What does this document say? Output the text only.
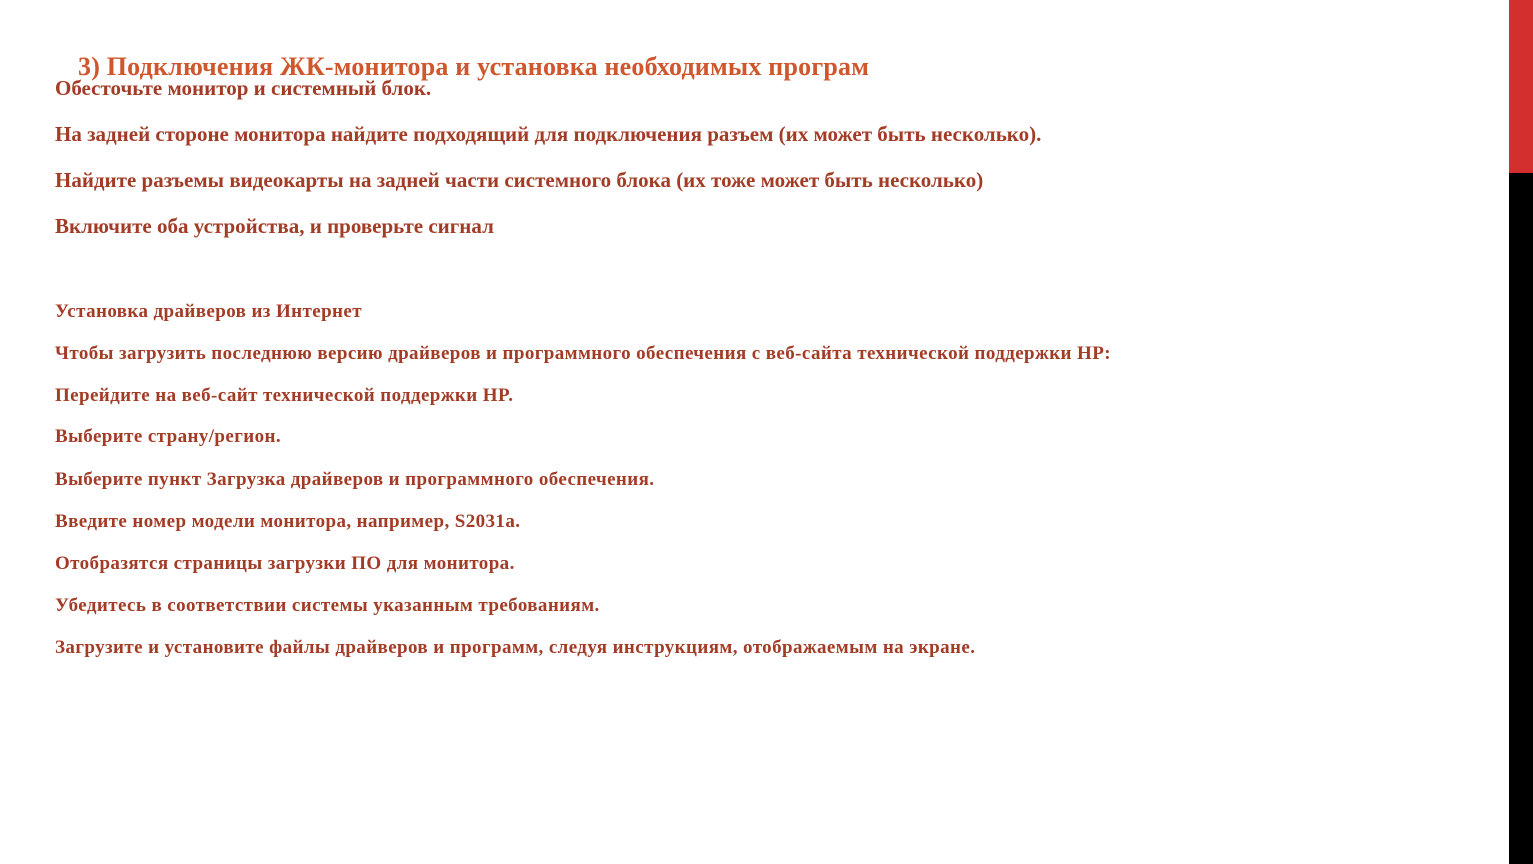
3) Подключения ЖК-монитора и установка необходимых програм
Обесточьте монитор и системный блок.
На задней стороне монитора найдите подходящий для подключения разъем (их может быть несколько).
Найдите разъемы видеокарты на задней части системного блока (их тоже может быть несколько)
Включите оба устройства, и проверьте сигнал
Установка драйверов из Интернет
Чтобы загрузить последнюю версию драйверов и программного обеспечения с веб-сайта технической поддержки HP:
Перейдите на веб-сайт технической поддержки HP.
Выберите страну/регион.
Выберите пункт Загрузка драйверов и программного обеспечения.
Введите номер модели монитора, например, S2031a.
Отобразятся страницы загрузки ПО для монитора.
Убедитесь в соответствии системы указанным требованиям.
Загрузите и установите файлы драйверов и программ, следуя инструкциям, отображаемым на экране.
